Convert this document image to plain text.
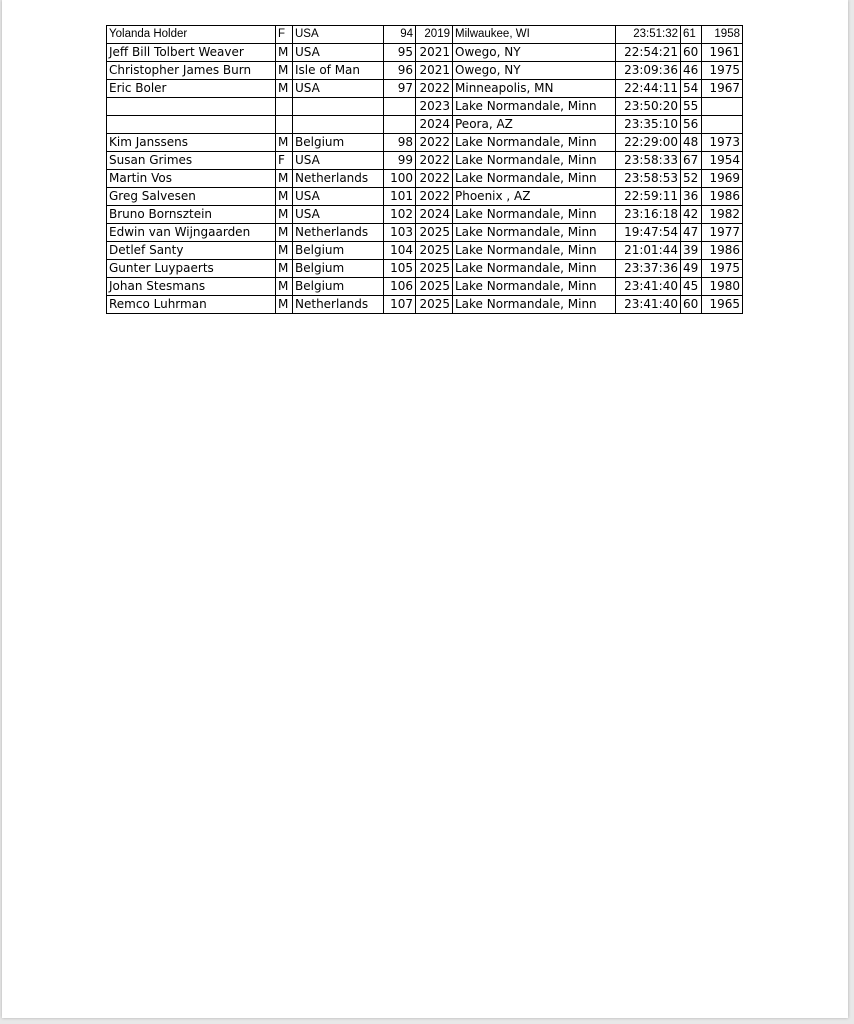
Yolanda Holder	F	USA	94	2019	Milwaukee, WI	23:51:32	61	1958
Jeff Bill Tolbert Weaver	M	USA	95	2021	Owego, NY	22:54:21	60	1961
Christopher James Burn	M	Isle of Man	96	2021	Owego, NY	23:09:36	46	1975
Eric Boler	M	USA	97	2022	Minneapolis, MN	22:44:11	54	1967
				2023	Lake Normandale, Minn	23:50:20	55	
				2024	Peora, AZ	23:35:10	56	
Kim Janssens	M	Belgium	98	2022	Lake Normandale, Minn	22:29:00	48	1973
Susan Grimes	F	USA	99	2022	Lake Normandale, Minn	23:58:33	67	1954
Martin Vos	M	Netherlands	100	2022	Lake Normandale, Minn	23:58:53	52	1969
Greg Salvesen	M	USA	101	2022	Phoenix , AZ	22:59:11	36	1986
Bruno Bornsztein	M	USA	102	2024	Lake Normandale, Minn	23:16:18	42	1982
Edwin van Wijngaarden	M	Netherlands	103	2025	Lake Normandale, Minn	19:47:54	47	1977
Detlef Santy	M	Belgium	104	2025	Lake Normandale, Minn	21:01:44	39	1986
Gunter Luypaerts	M	Belgium	105	2025	Lake Normandale, Minn	23:37:36	49	1975
Johan Stesmans	M	Belgium	106	2025	Lake Normandale, Minn	23:41:40	45	1980
Remco Luhrman	M	Netherlands	107	2025	Lake Normandale, Minn	23:41:40	60	1965
